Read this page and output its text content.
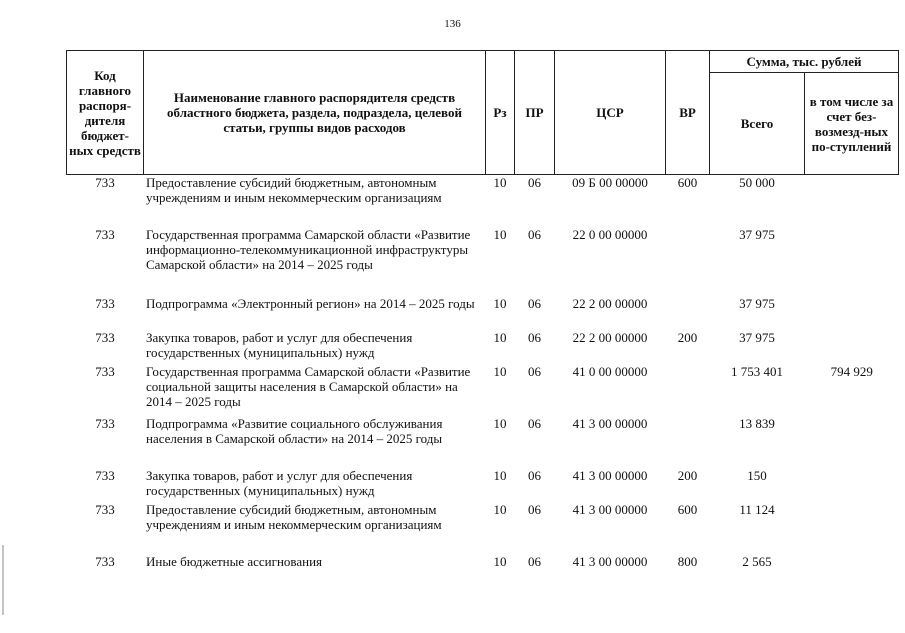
136
Код главного распоря-дителя бюджет-ных средств	Наименование главного распорядителя средств областного бюджета, раздела, подраздела, целевой статьи, группы видов расходов	Рз	ПР	ЦСР	ВР	Сумма, тыс. рублей	
						Всего	в том числе за счет без-возмезд-ных по-ступлений
733	Предоставление субсидий бюджетным, автономным учреждениям и иным некоммерческим организациям	10	06	09 Б 00 00000	600	50 000	
733	Государственная программа Самарской области «Развитие информационно-телекоммуникационной инфраструктуры Самарской области» на 2014 – 2025 годы	10	06	22 0 00 00000		37 975	
733	Подпрограмма «Электронный регион» на 2014 – 2025 годы	10	06	22 2 00 00000		37 975	
733	Закупка товаров, работ и услуг для обеспечения государственных (муниципальных) нужд	10	06	22 2 00 00000	200	37 975	
733	Государственная программа Самарской области «Развитие социальной защиты населения в Самарской области» на 2014 – 2025 годы	10	06	41 0 00 00000		1 753 401	794 929
733	Подпрограмма «Развитие социального обслуживания населения в Самарской области» на 2014 – 2025 годы	10	06	41 3 00 00000		13 839	
733	Закупка товаров, работ и услуг для обеспечения государственных (муниципальных) нужд	10	06	41 3 00 00000	200	150	
733	Предоставление субсидий бюджетным, автономным учреждениям и иным некоммерческим организациям	10	06	41 3 00 00000	600	11 124	
733	Иные бюджетные ассигнования	10	06	41 3 00 00000	800	2 565	
